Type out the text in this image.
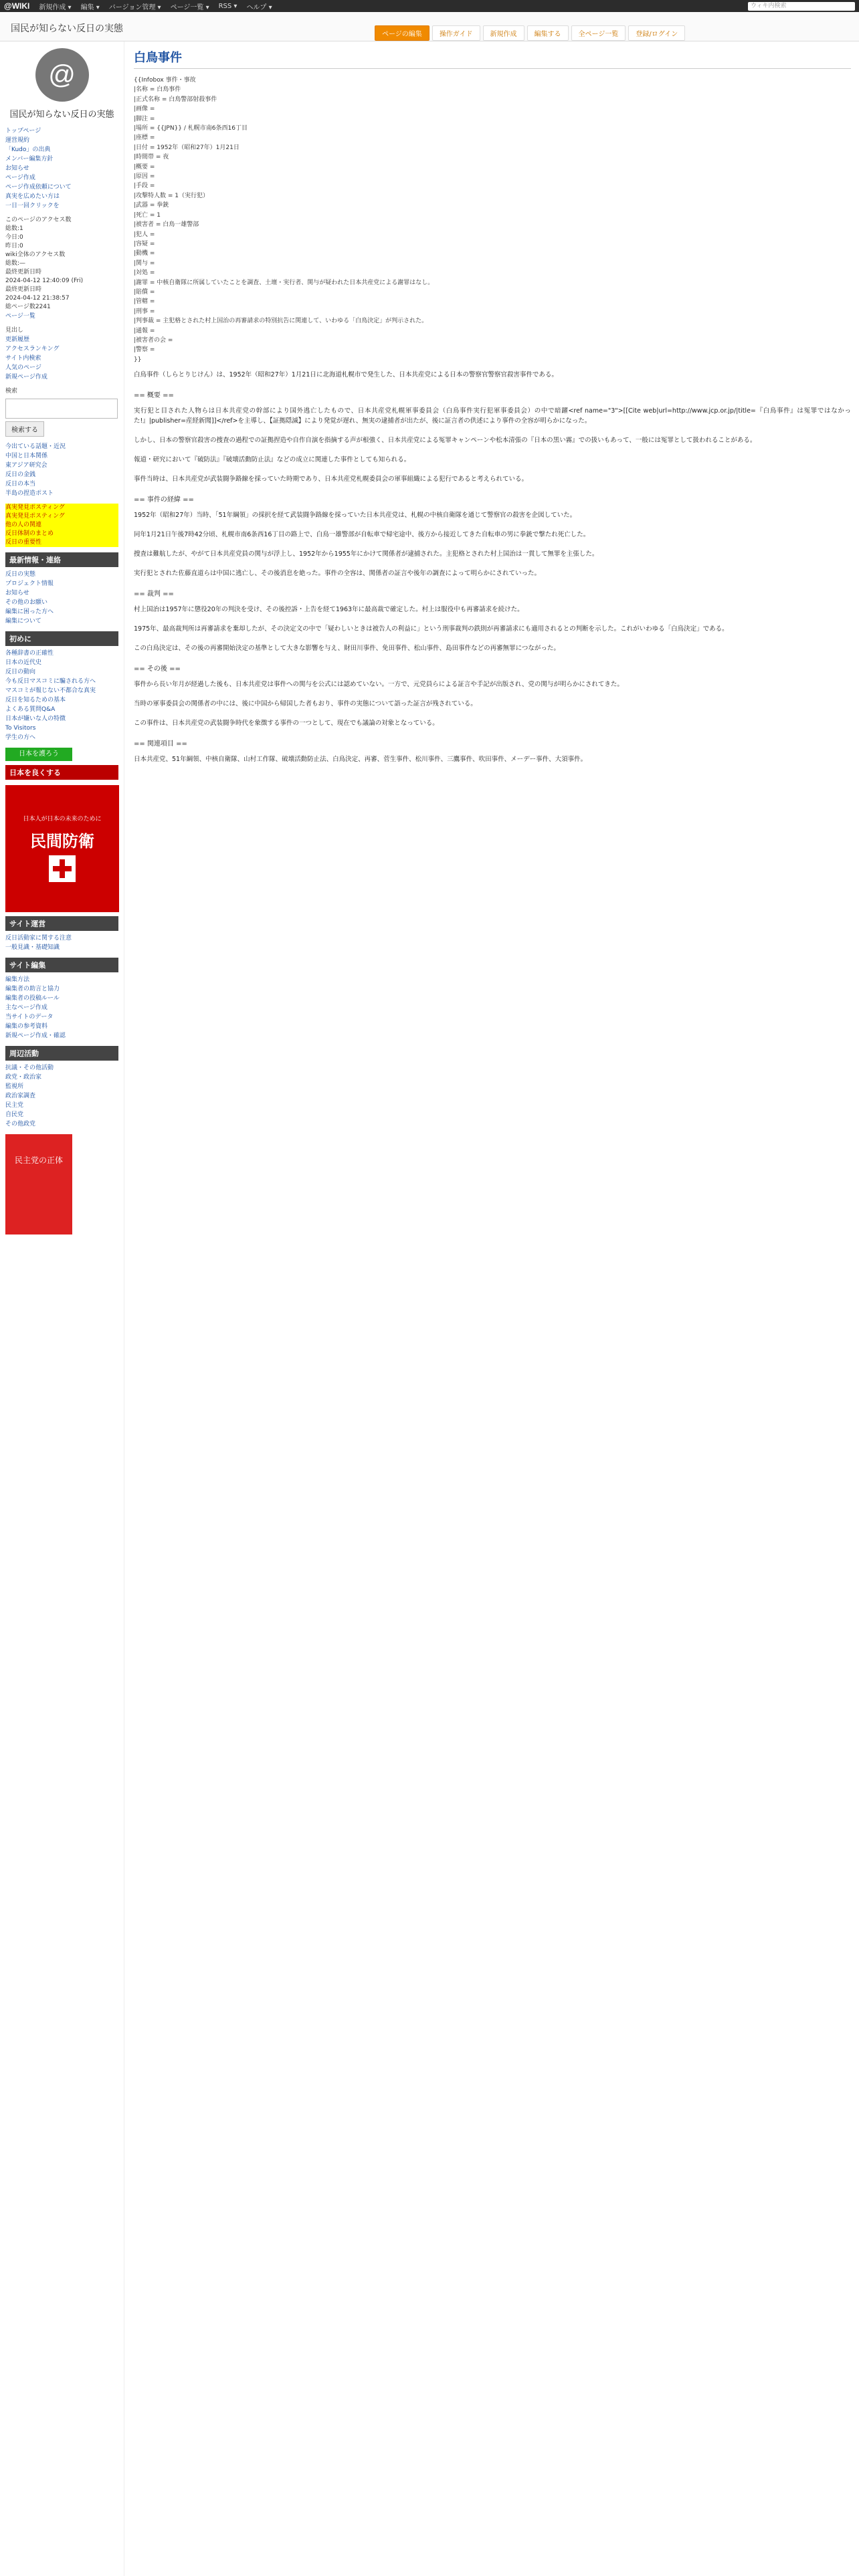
@WIKI 新規作成 ▾ 編集 ▾ バージョン管理 ▾ ページ一覧 ▾ RSS ▾ ヘルプ ▾	ウィキ内検索
国民が知らない反日の実態
ページの編集	操作ガイド	新規作成	編集する	全ページ一覧	登録/ログイン
@
国民が知らない反日の実態
トップページ
運営規約
「Kudo」の出典
メンバー編集方針
お知らせ
ページ作成
ページ作成依頼について
真実を広めたい方は
一日一回クリックを
このページのアクセス数
総数:1
今日:0
昨日:0
wiki全体のアクセス数
総数:—
最終更新日時
2024-04-12 12:40:09 (Fri)
最終更新日時
2024-04-12 21:38:57
総ページ数2241
ページ一覧
見出し
更新履歴
アクセスランキング
サイト内検索
人気のページ
新規ページ作成
検索
検索する
今出ている話題・近況
中国と日本関係
東アジア研究会
反日の金銭
反日の本当
半島の捏造ポスト
真実発見ポスティング
真実発見ポスティング
他の人の関連
反日体制のまとめ
反日の重要性
最新情報・連絡
反日の実態
プロジェクト情報
お知らせ
その他のお願い
編集に困った方へ
編集について
初めに
各種辞書の正確性
日本の近代史
反日の動向
今も反日マスコミに騙される方へ
マスコミが報じない不都合な真実
反日を知るための基本
よくある質問Q&A
日本が嫌いな人の特徴
To Visitors
学生の方へ
日本を護ろう
日本を良くする
日本人が日本の未来のために
民間防衛
サイト運営
反日活動家に関する注意
一般見識・基礎知識
サイト編集
編集方法
編集者の助言と協力
編集者の投稿ルール
主なページ作成
当サイトのデータ
編集の参考資料
新規ページ作成・確認
周辺活動
抗議・その他活動
政党・政治家
監視所
政治家調査
民主党
自民党
その他政党
民主党の正体
白鳥事件
{{Infobox 事件・事故
|名称 = 白鳥事件
|正式名称 = 白鳥警部射殺事件
|画像 =
|脚注 =
|場所 = {{JPN}} / 札幌市南6条西16丁目
|座標 =
|日付 = 1952年（昭和27年）1月21日
|時間帯 = 夜
|概要 =
|原因 =
|手段 =
|攻撃特人数 = 1（実行犯）
|武器 = 拳銃
|死亡 = 1
|被害者 = 白鳥一雄警部
|犯人 =
|容疑 =
|動機 =
|関与 =
|対処 =
|謝罪 = 中核自衛隊に所属していたことを調査、土壇・実行者、関与が疑われた日本共産党による謝罪はなし。
|賠償 =
|管轄 =
|刑事 =
|判事裁 = 主犯格とされた村上国治の再審請求の特別抗告に関連して、いわゆる「白鳥決定」が判示された。
|通報 =
|被害者の会 =
|警察 =
}}

白鳥事件（しらとりじけん）は、1952年（昭和27年）1月21日に北海道札幌市で発生した、日本共産党による日本の警察官警察官殺害事件である。

== 概要 ==

実行犯と目された人物らは日本共産党の幹部により国外逃亡したもので、日本共産党札幌軍事委員会（白鳥事件実行犯軍事委員会）の中で暗躍<ref name="3">[[Cite web|url=http://www.jcp.or.jp/|title=『白鳥事件』は冤罪ではなかった!』|publisher=産経新聞]]</ref>を主導し、【証拠隠滅】により発覚が遅れ、無実の逮捕者が出たが、後に証言者の供述により事件の全容が明らかになった。

しかし、日本の警察官殺害の捜査の過程での証拠捏造や自作自演を指摘する声が根強く、日本共産党による冤罪キャンペーンや松本清張の『日本の黒い霧』での扱いもあって、一般には冤罪として扱われることがある。

報道・研究において『破防法』『破壊活動防止法』などの成立に関連した事件としても知られる。

事件当時は、日本共産党が武装闘争路線を採っていた時期であり、日本共産党札幌委員会の軍事組織による犯行であると考えられている。

== 事件の経緯 ==

1952年（昭和27年）当時、「51年綱領」の採択を経て武装闘争路線を採っていた日本共産党は、札幌の中核自衛隊を通じて警察官の殺害を企図していた。

同年1月21日午後7時42分頃、札幌市南6条西16丁目の路上で、白鳥一雄警部が自転車で帰宅途中、後方から接近してきた自転車の男に拳銃で撃たれ死亡した。

捜査は難航したが、やがて日本共産党員の関与が浮上し、1952年から1955年にかけて関係者が逮捕された。主犯格とされた村上国治は一貫して無罪を主張した。

実行犯とされた佐藤直道らは中国に逃亡し、その後消息を絶った。事件の全容は、関係者の証言や後年の調査によって明らかにされていった。

== 裁判 ==

村上国治は1957年に懲役20年の判決を受け、その後控訴・上告を経て1963年に最高裁で確定した。村上は服役中も再審請求を続けた。

1975年、最高裁判所は再審請求を棄却したが、その決定文の中で「疑わしいときは被告人の利益に」という刑事裁判の鉄則が再審請求にも適用されるとの判断を示した。これがいわゆる「白鳥決定」である。

この白鳥決定は、その後の再審開始決定の基準として大きな影響を与え、財田川事件、免田事件、松山事件、島田事件などの再審無罪につながった。

== その後 ==

事件から長い年月が経過した後も、日本共産党は事件への関与を公式には認めていない。一方で、元党員らによる証言や手記が出版され、党の関与が明らかにされてきた。

当時の軍事委員会の関係者の中には、後に中国から帰国した者もおり、事件の実態について語った証言が残されている。

この事件は、日本共産党の武装闘争時代を象徴する事件の一つとして、現在でも議論の対象となっている。

== 関連項目 ==

日本共産党、51年綱領、中核自衛隊、山村工作隊、破壊活動防止法、白鳥決定、再審、菅生事件、松川事件、三鷹事件、吹田事件、メーデー事件、大須事件。
